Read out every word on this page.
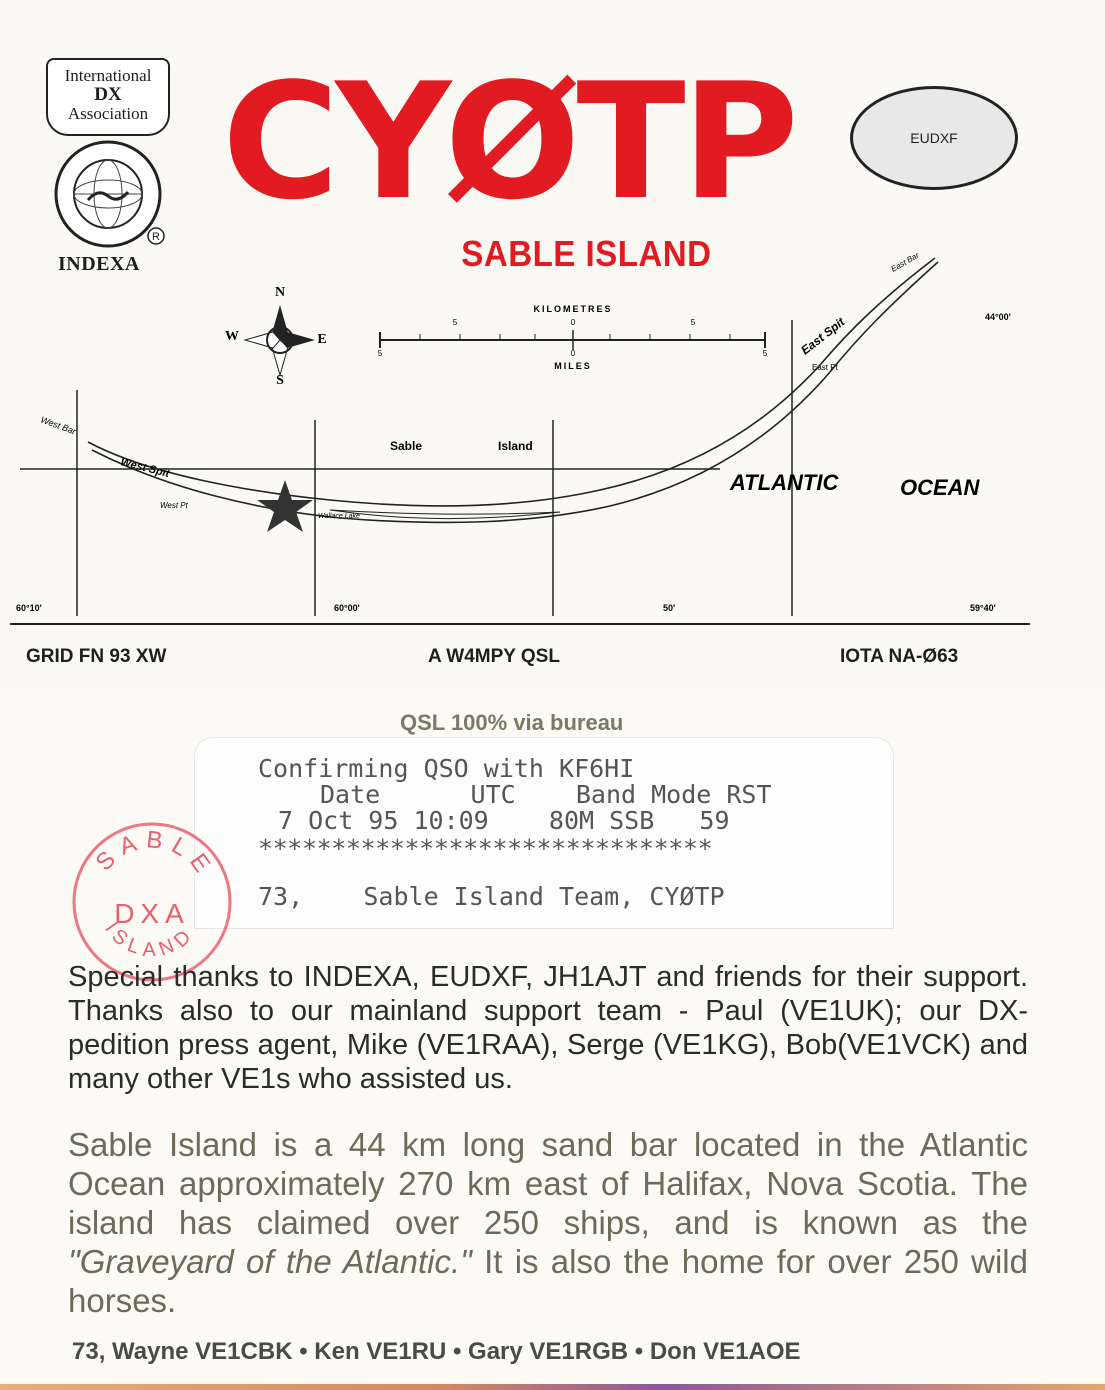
International
DX
Association
R
INDEXA
CYØTP
SABLE ISLAND
EUDXF
N
S
E
W
KILOMETRES
5	0	5
5	0	5
MILES
West Bar
West Spit
West Pt
Wallace Lake
Sable	Island
ATLANTIC	OCEAN
East Spit
East Pt
East Bar
44°00'
60°10'	60°00'	50'	59°40'
GRID FN 93 XW	A W4MPY QSL	IOTA NA-Ø63
QSL 100% via bureau
Confirming QSO with KF6HI
Date      UTC    Band Mode RST
7 Oct 95 10:09    80M SSB   59
*******************************
73,    Sable Island Team, CYØTP
SABLE
DXA
ISLAND
Special thanks to INDEXA, EUDXF, JH1AJT and friends for their support. Thanks also to our mainland support team - Paul (VE1UK); our DX-pedition press agent, Mike (VE1RAA), Serge (VE1KG), Bob(VE1VCK) and many other VE1s who assisted us.
Sable Island is a 44 km long sand bar located in the Atlantic Ocean approximately 270 km east of Halifax, Nova Scotia. The island has claimed over 250 ships, and is known as the "Graveyard of the Atlantic." It is also the home for over 250 wild horses.
73, Wayne VE1CBK • Ken VE1RU • Gary VE1RGB • Don VE1AOE
